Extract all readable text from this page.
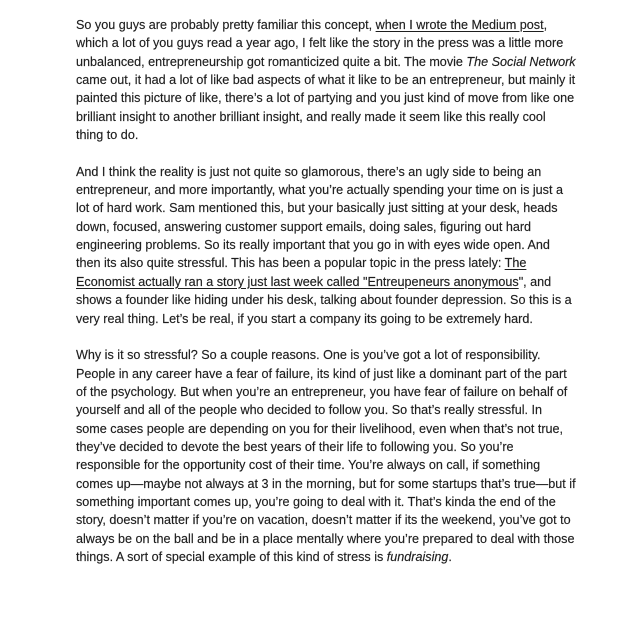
So you guys are probably pretty familiar this concept, when I wrote the Medium post, which a lot of you guys read a year ago, I felt like the story in the press was a little more unbalanced, entrepreneurship got romanticized quite a bit. The movie The Social Network came out, it had a lot of like bad aspects of what it like to be an entrepreneur, but mainly it painted this picture of like, there’s a lot of partying and you just kind of move from like one brilliant insight to another brilliant insight, and really made it seem like this really cool thing to do.

And I think the reality is just not quite so glamorous, there’s an ugly side to being an entrepreneur, and more importantly, what you’re actually spending your time on is just a lot of hard work. Sam mentioned this, but your basically just sitting at your desk, heads down, focused, answering customer support emails, doing sales, figuring out hard engineering problems. So its really important that you go in with eyes wide open. And then its also quite stressful. This has been a popular topic in the press lately: The Economist actually ran a story just last week called "Entreupeneurs anonymous", and shows a founder like hiding under his desk, talking about founder depression. So this is a very real thing. Let’s be real, if you start a company its going to be extremely hard.

Why is it so stressful? So a couple reasons. One is you’ve got a lot of responsibility. People in any career have a fear of failure, its kind of just like a dominant part of the part of the psychology. But when you’re an entrepreneur, you have fear of failure on behalf of yourself and all of the people who decided to follow you. So that’s really stressful. In some cases people are depending on you for their livelihood, even when that’s not true, they’ve decided to devote the best years of their life to following you. So you’re responsible for the opportunity cost of their time. You’re always on call, if something comes up—maybe not always at 3 in the morning, but for some startups that’s true—but if something important comes up, you’re going to deal with it. That’s kinda the end of the story, doesn’t matter if you’re on vacation, doesn’t matter if its the weekend, you’ve got to always be on the ball and be in a place mentally where you’re prepared to deal with those things. A sort of special example of this kind of stress is fundraising.
